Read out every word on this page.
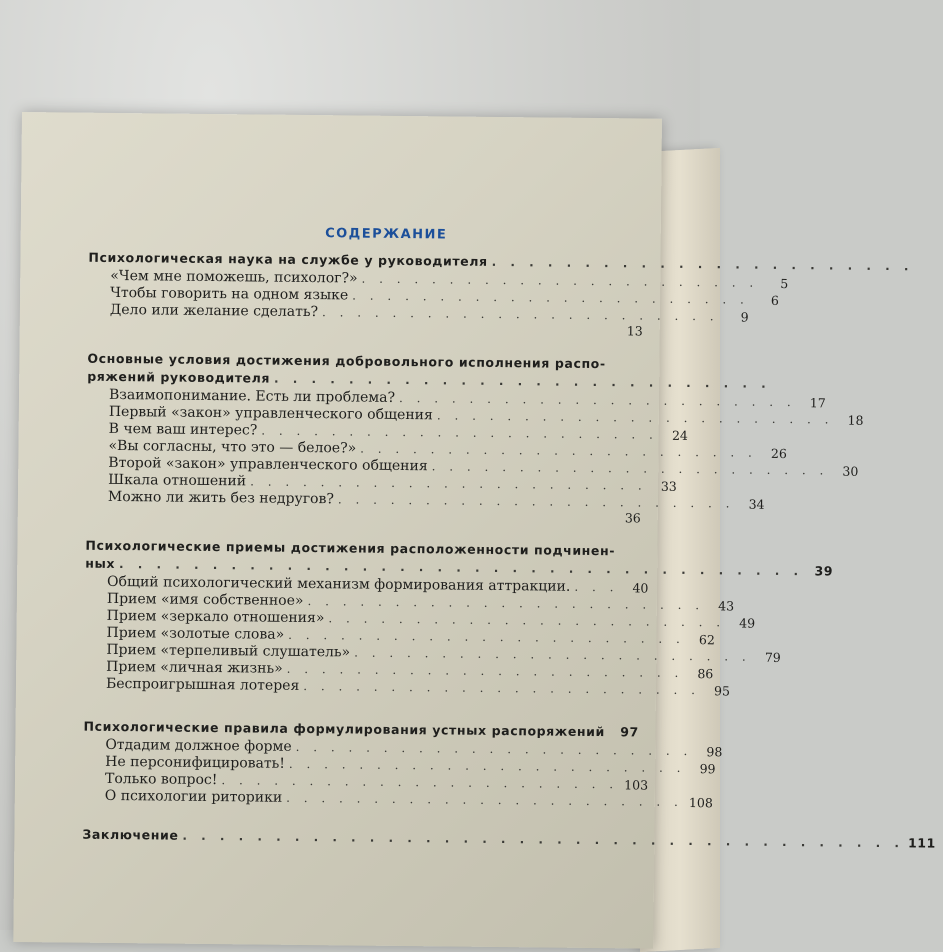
СОДЕРЖАНИЕ
Психологическая наука на службе у руководителя . . . . . . . . . . . . . . . . . . . . . . .
«Чем мне поможешь, психолог?» . . . . . . . . . . . . . . . . . . . . . . .	5
Чтобы говорить на одном языке . . . . . . . . . . . . . . . . . . . . . . .	6
Дело или желание сделать? . . . . . . . . . . . . . . . . . . . . . . .	9
13
Основные условия достижения добровольного исполнения распо-
ряжений руководителя . . . . . . . . . . . . . . . . . . . . . . . . . . .
Взаимопонимание. Есть ли проблема? . . . . . . . . . . . . . . . . . . . . . . .	17
Первый «закон» управленческого общения . . . . . . . . . . . . . . . . . . . . . . .	18
В чем ваш интерес? . . . . . . . . . . . . . . . . . . . . . . .	24
«Вы согласны, что это — белое?» . . . . . . . . . . . . . . . . . . . . . . .	26
Второй «закон» управленческого общения . . . . . . . . . . . . . . . . . . . . . . .	30
Шкала отношений . . . . . . . . . . . . . . . . . . . . . . .	33
Можно ли жить без недругов? . . . . . . . . . . . . . . . . . . . . . . .	34
36
Психологические приемы достижения расположенности подчинен-
ных . . . . . . . . . . . . . . . . . . . . . . . . . . . . . . . . . . . . . 39
Общий психологический механизм формирования аттракции. . . .	40
Прием «имя собственное» . . . . . . . . . . . . . . . . . . . . . . .	43
Прием «зеркало отношения» . . . . . . . . . . . . . . . . . . . . . . .	49
Прием «золотые слова» . . . . . . . . . . . . . . . . . . . . . . .	62
Прием «терпеливый слушатель» . . . . . . . . . . . . . . . . . . . . . . .	79
Прием «личная жизнь» . . . . . . . . . . . . . . . . . . . . . . .	86
Беспроигрышная лотерея . . . . . . . . . . . . . . . . . . . . . . .	95
Психологические правила формулирования устных распоряжений	97
Отдадим должное форме . . . . . . . . . . . . . . . . . . . . . . .	98
Не персонифицировать! . . . . . . . . . . . . . . . . . . . . . . .	99
Только вопрос! . . . . . . . . . . . . . . . . . . . . . . . 103
О психологии риторики . . . . . . . . . . . . . . . . . . . . . . . 108
Заключение . . . . . . . . . . . . . . . . . . . . . . . . . . . . . . . . . . . . . . . 111
